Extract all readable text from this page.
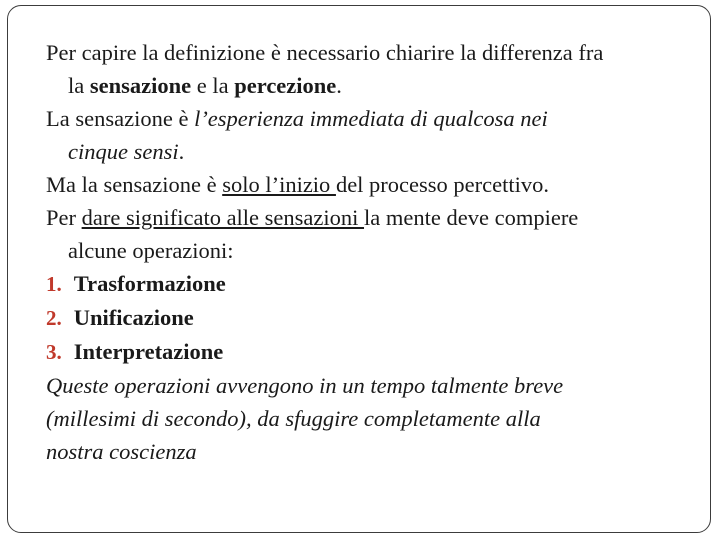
Per capire la definizione è necessario chiarire la differenza fra
la sensazione e la percezione.

La sensazione è l’esperienza immediata di qualcosa nei
cinque sensi.

Ma la sensazione è solo l’inizio del processo percettivo.

Per dare significato alle sensazioni la mente deve compiere
alcune operazioni:

1. Trasformazione

2. Unificazione

3. Interpretazione

Queste operazioni avvengono in un tempo talmente breve
(millesimi di secondo), da sfuggire completamente alla
nostra coscienza
